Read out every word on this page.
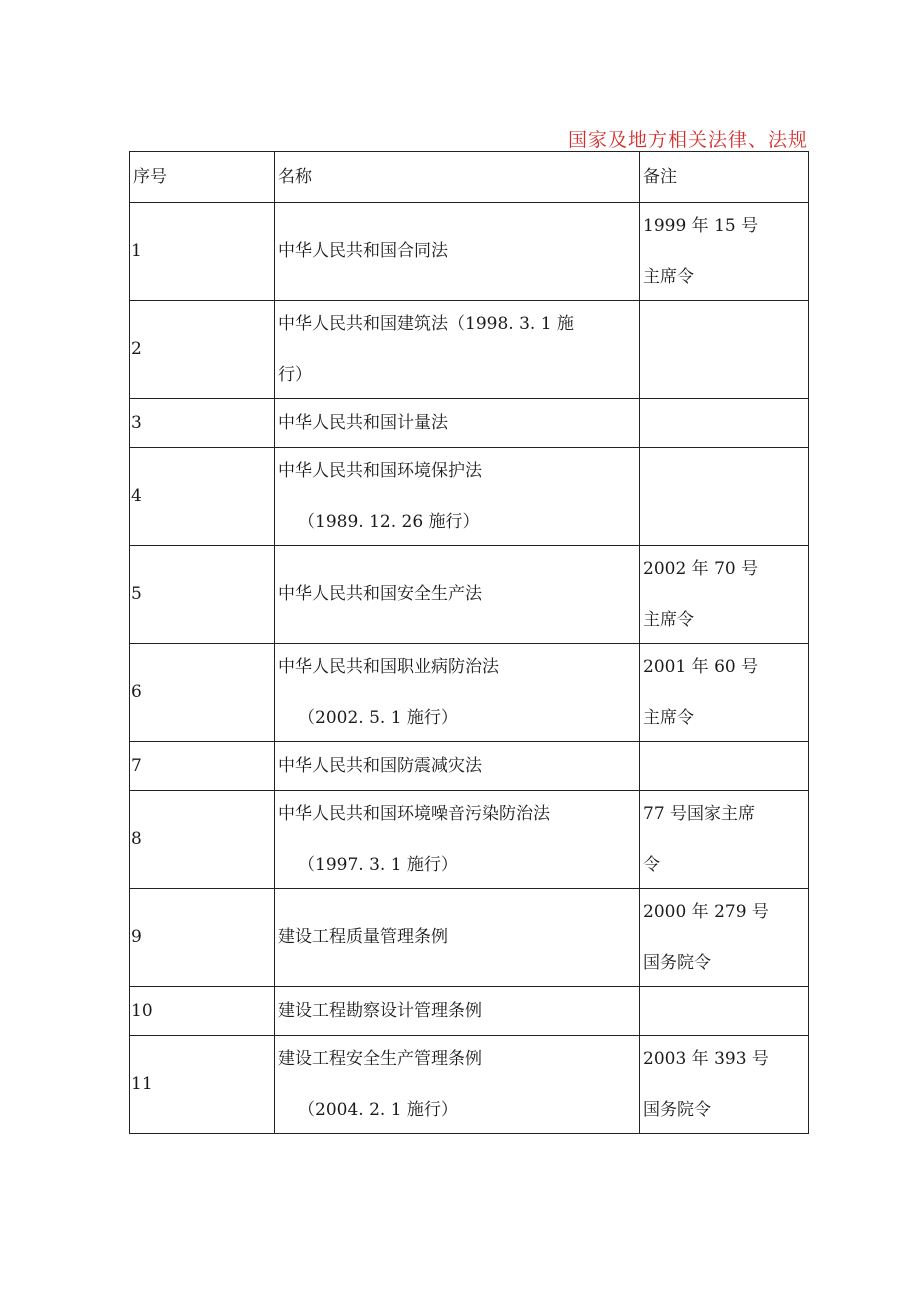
国家及地方相关法律、法规
序号	名称	备注
1	中华人民共和国合同法	1999 年 15 号
主席令

2	中华人民共和国建筑法（1998. 3. 1 施
行）	

3	中华人民共和国计量法	

4	中华人民共和国环境保护法
（1989. 12. 26 施行）	

5	中华人民共和国安全生产法	2002 年 70 号
主席令

6	中华人民共和国职业病防治法
（2002. 5. 1 施行）	2001 年 60 号
主席令

7	中华人民共和国防震减灾法	

8	中华人民共和国环境噪音污染防治法
（1997. 3. 1 施行）	77 号国家主席
令

9	建设工程质量管理条例	2000 年 279 号
国务院令

10	建设工程勘察设计管理条例	

11	建设工程安全生产管理条例
（2004. 2. 1 施行）	2003 年 393 号
国务院令
